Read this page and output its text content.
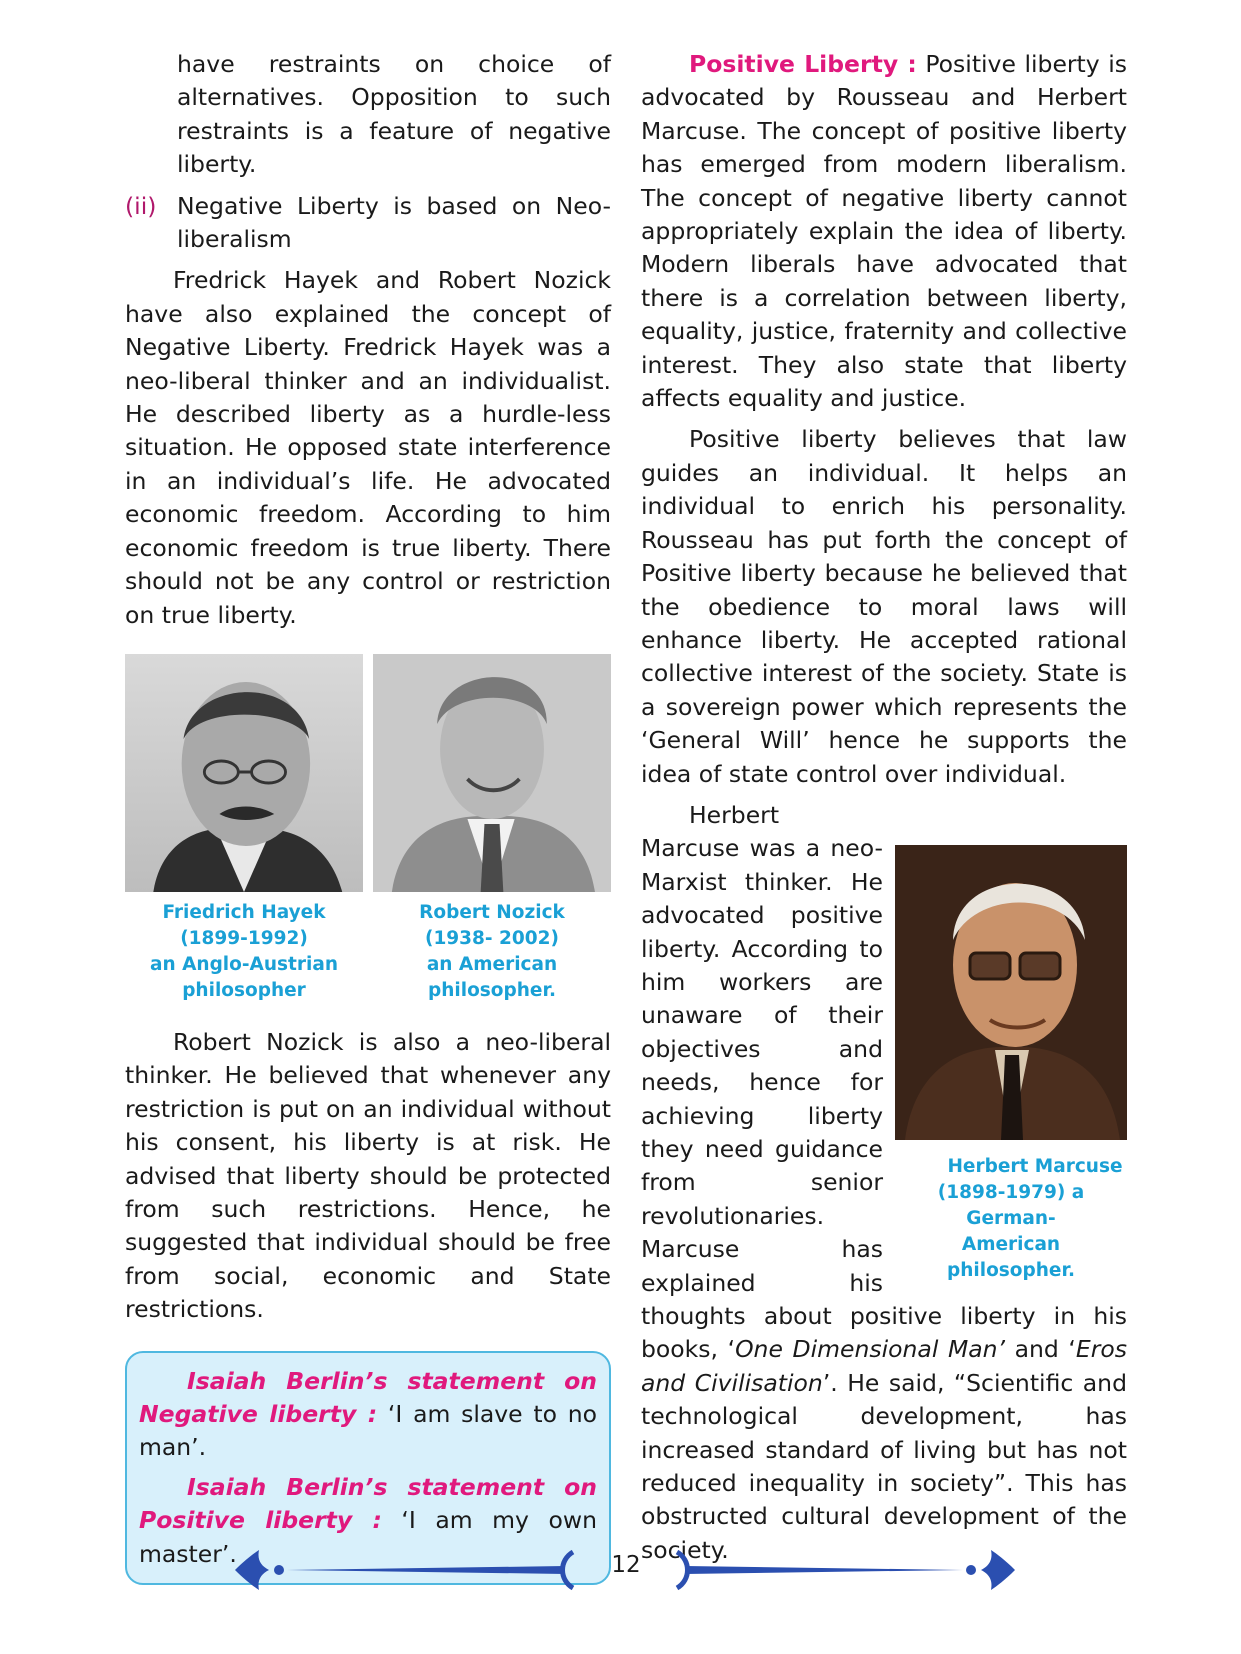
have restraints on choice of alternatives. Opposition to such restraints is a feature of negative liberty.

(ii) Negative Liberty is based on Neo-liberalism

Fredrick Hayek and Robert Nozick have also explained the concept of Negative Liberty. Fredrick Hayek was a neo-liberal thinker and an individualist. He described liberty as a hurdle-less situation. He opposed state interference in an individual’s life. He advocated economic freedom. According to him economic freedom is true liberty. There should not be any control or restriction on true liberty.

Friedrich Hayek
(1899-1992)
an Anglo-Austrian
philosopher
Robert Nozick
(1938- 2002)
an American
philosopher.

Robert Nozick is also a neo-liberal thinker. He believed that whenever any restriction is put on an individual without his consent, his liberty is at risk. He advised that liberty should be protected from such restrictions. Hence, he suggested that individual should be free from social, economic and State restrictions.

Isaiah Berlin’s statement on Negative liberty : ‘I am slave to no man’.

Isaiah Berlin’s statement on Positive liberty : ‘I am my own master’.

Positive Liberty : Positive liberty is advocated by Rousseau and Herbert Marcuse. The concept of positive liberty has emerged from modern liberalism. The concept of negative liberty cannot appropriately explain the idea of liberty. Modern liberals have advocated that there is a correlation between liberty, equality, justice, fraternity and collective interest. They also state that liberty affects equality and justice.

Positive liberty believes that law guides an individual. It helps an individual to enrich his personality. Rousseau has put forth the concept of Positive liberty because he believed that the obedience to moral laws will enhance liberty. He accepted rational collective interest of the society. State is a sovereign power which represents the ‘General Will’ hence he supports the idea of state control over individual.

Herbert Marcuse
(1898-1979) a German-
American philosopher.
Herbert Marcuse was a neo-Marxist thinker. He advocated positive liberty. According to him workers are unaware of their objectives and needs, hence for achieving liberty they need guidance from senior revolutionaries. Marcuse has explained his thoughts about positive liberty in his books, ‘One Dimensional Man’ and ‘Eros and Civilisation’. He said, “Scientific and technological development, has increased standard of living but has not reduced inequality in society”. This has obstructed cultural development of the society.

12
